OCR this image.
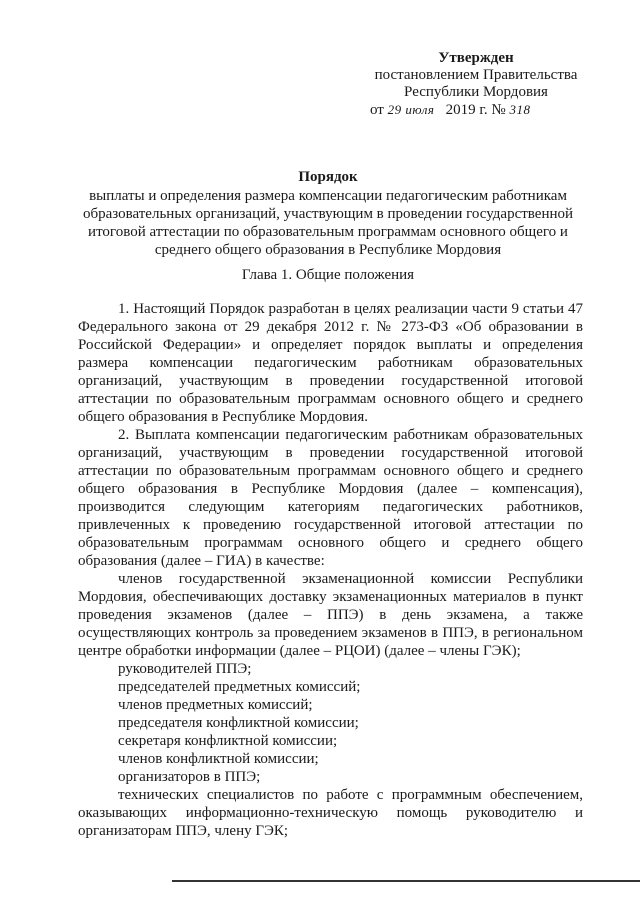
Утвержден
постановлением Правительства
Республики Мордовия
от 29 июля 2019 г. № 318
Порядок
выплаты и определения размера компенсации педагогическим работникам образовательных организаций, участвующим в проведении государственной итоговой аттестации по образовательным программам основного общего и среднего общего образования в Республике Мордовия
Глава 1. Общие положения

1. Настоящий Порядок разработан в целях реализации части 9 статьи 47 Федерального закона от 29 декабря 2012 г. № 273-ФЗ «Об образовании в Российской Федерации» и определяет порядок выплаты и определения размера компенсации педагогическим работникам образовательных организаций, участвующим в проведении государственной итоговой аттестации по образовательным программам основного общего и среднего общего образования в Республике Мордовия.

2. Выплата компенсации педагогическим работникам образовательных организаций, участвующим в проведении государственной итоговой аттестации по образовательным программам основного общего и среднего общего образования в Республике Мордовия (далее – компенсация), производится следующим категориям педагогических работников, привлеченных к проведению государственной итоговой аттестации по образовательным программам основного общего и среднего общего образования (далее – ГИА) в качестве:

членов государственной экзаменационной комиссии Республики Мордовия, обеспечивающих доставку экзаменационных материалов в пункт проведения экзаменов (далее – ППЭ) в день экзамена, а также осуществляющих контроль за проведением экзаменов в ППЭ, в региональном центре обработки информации (далее – РЦОИ) (далее – члены ГЭК);

руководителей ППЭ;

председателей предметных комиссий;

членов предметных комиссий;

председателя конфликтной комиссии;

секретаря конфликтной комиссии;

членов конфликтной комиссии;

организаторов в ППЭ;

технических специалистов по работе с программным обеспечением, оказывающих информационно-техническую помощь руководителю и организаторам ППЭ, члену ГЭК;
